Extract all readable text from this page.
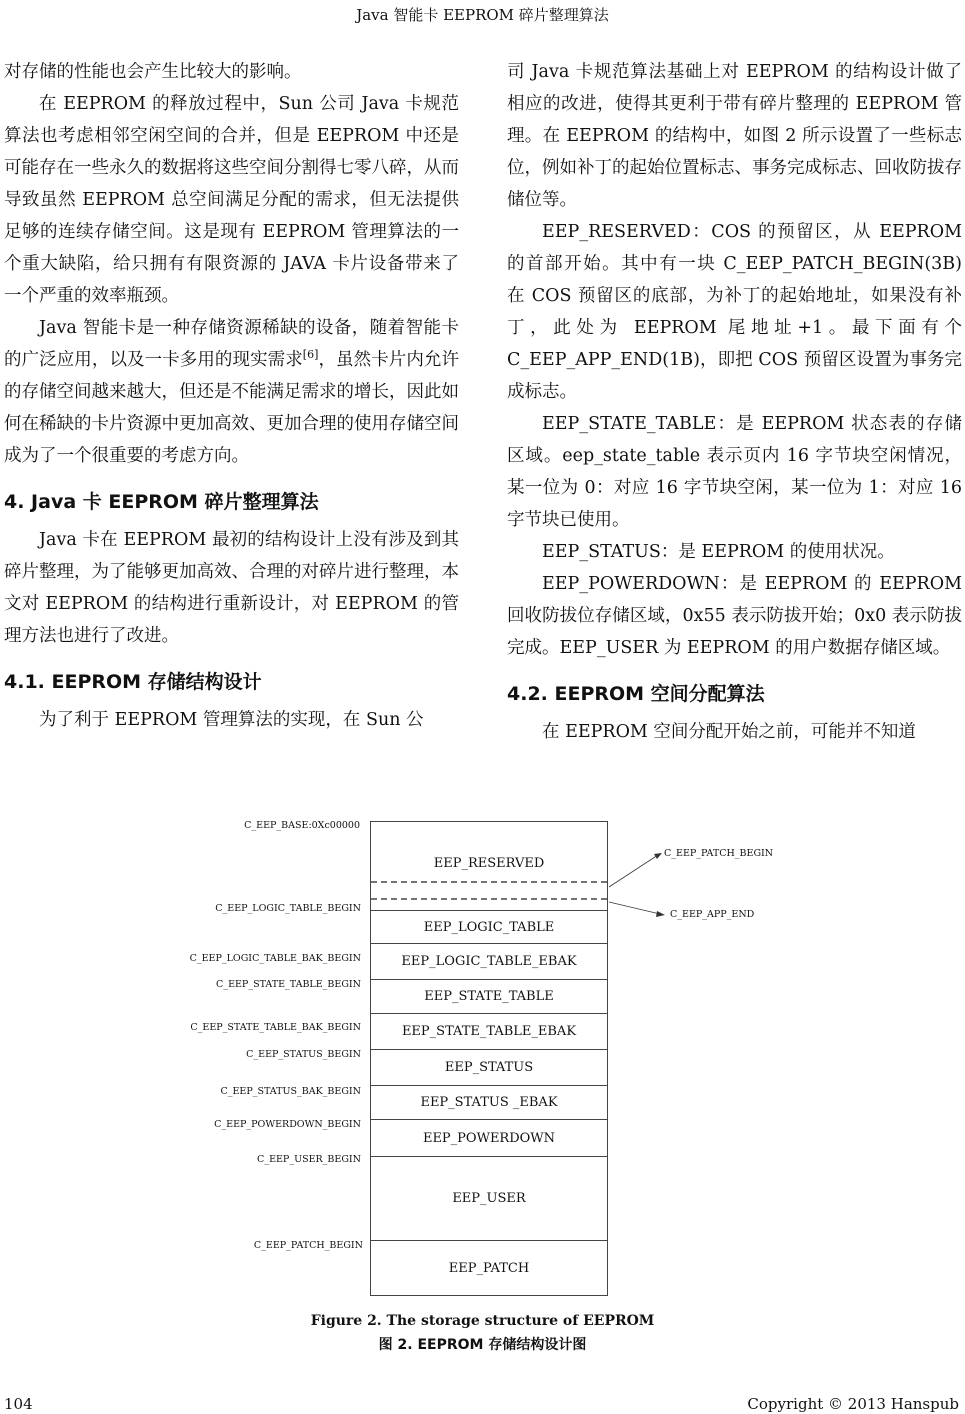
Java 智能卡 EEPROM 碎片整理算法

对存储的性能也会产生比较大的影响。

在 EEPROM 的释放过程中，Sun 公司 Java 卡规范算法也考虑相邻空闲空间的合并，但是 EEPROM 中还是可能存在一些永久的数据将这些空间分割得七零八碎，从而导致虽然 EEPROM 总空间满足分配的需求，但无法提供足够的连续存储空间。这是现有 EEPROM 管理算法的一个重大缺陷，给只拥有有限资源的 JAVA 卡片设备带来了一个严重的效率瓶颈。

Java 智能卡是一种存储资源稀缺的设备，随着智能卡的广泛应用，以及一卡多用的现实需求[6]，虽然卡片内允许的存储空间越来越大，但还是不能满足需求的增长，因此如何在稀缺的卡片资源中更加高效、更加合理的使用存储空间成为了一个很重要的考虑方向。

4. Java 卡 EEPROM 碎片整理算法

Java 卡在 EEPROM 最初的结构设计上没有涉及到其碎片整理，为了能够更加高效、合理的对碎片进行整理，本文对 EEPROM 的结构进行重新设计，对 EEPROM 的管理方法也进行了改进。

4.1. EEPROM 存储结构设计

为了利于 EEPROM 管理算法的实现，在 Sun 公

司 Java 卡规范算法基础上对 EEPROM 的结构设计做了相应的改进，使得其更利于带有碎片整理的 EEPROM 管理。在 EEPROM 的结构中，如图 2 所示设置了一些标志位，例如补丁的起始位置标志、事务完成标志、回收防拔存储位等。

EEP_RESERVED：COS 的预留区，从 EEPROM 的首部开始。其中有一块 C_EEP_PATCH_BEGIN(3B) 在 COS 预留区的底部，为补丁的起始地址，如果没有补丁，此处为 EEPROM 尾地址+1。最下面有个 C_EEP_APP_END(1B)，即把 COS 预留区设置为事务完成标志。

EEP_STATE_TABLE：是 EEPROM 状态表的存储区域。eep_state_table 表示页内 16 字节块空闲情况，某一位为 0：对应 16 字节块空闲，某一位为 1：对应 16 字节块已使用。

EEP_STATUS：是 EEPROM 的使用状况。

EEP_POWERDOWN：是 EEPROM 的 EEPROM 回收防拔位存储区域，0x55 表示防拔开始；0x0 表示防拔完成。EEP_USER 为 EEPROM 的用户数据存储区域。

4.2. EEPROM 空间分配算法

在 EEPROM 空间分配开始之前，可能并不知道

C_EEP_BASE:0Xc00000
EEP_RESERVED
EEP_LOGIC_TABLE
EEP_LOGIC_TABLE_EBAK
EEP_STATE_TABLE
EEP_STATE_TABLE_EBAK
EEP_STATUS
EEP_STATUS _EBAK
EEP_POWERDOWN
EEP_USER
EEP_PATCH
C_EEP_PATCH_BEGIN
C_EEP_APP_END
C_EEP_LOGIC_TABLE_BEGIN
C_EEP_LOGIC_TABLE_BAK_BEGIN
C_EEP_STATE_TABLE_BEGIN
C_EEP_STATE_TABLE_BAK_BEGIN
C_EEP_STATUS_BEGIN
C_EEP_STATUS_BAK_BEGIN
C_EEP_POWERDOWN_BEGIN
C_EEP_USER_BEGIN
C_EEP_PATCH_BEGIN
Figure 2. The storage structure of EEPROM
图 2. EEPROM 存储结构设计图
104	Copyright © 2013 Hanspub
